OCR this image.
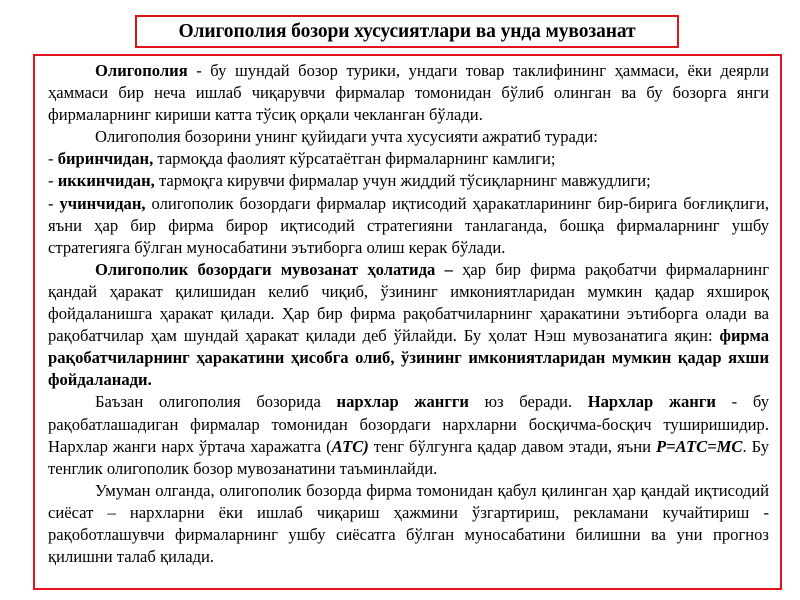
Олигополия бозори хусусиятлари ва унда мувозанат

Олигополия - бу шундай бозор турики, ундаги товар таклифининг ҳаммаси, ёки деярли ҳаммаси бир неча ишлаб чиқарувчи фирмалар томонидан бўлиб олинган ва бу бозорга янги фирмаларнинг кириши катта тўсиқ орқали чекланган бўлади.

Олигополия бозорини унинг қуйидаги учта хусусияти ажратиб туради:

- биринчидан, тармоқда фаолият кўрсатаётган фирмаларнинг камлиги;

- иккинчидан, тармоқга кирувчи фирмалар учун жиддий тўсиқларнинг мавжудлиги;

- учинчидан, олигополик бозордаги фирмалар иқтисодий ҳаракатларининг бир-бирига боғлиқлиги, яъни ҳар бир фирма бирор иқтисодий стратегияни танлаганда, бошқа фирмаларнинг ушбу стратегияга бўлган муносабатини эътиборга олиш керак бўлади.

Олигополик бозордаги мувозанат ҳолатида – ҳар бир фирма рақобатчи фирмаларнинг қандай ҳаракат қилишидан келиб чиқиб, ўзининг имкониятларидан мумкин қадар яхшироқ фойдаланишга ҳаракат қилади. Ҳар бир фирма рақобатчиларнинг ҳаракатини эътиборга олади ва рақобатчилар ҳам шундай ҳаракат қилади деб ўйлайди. Бу ҳолат Нэш мувозанатига яқин: фирма рақобатчиларнинг ҳаракатини ҳисобга олиб, ўзининг имкониятларидан мумкин қадар яхши фойдаланади.

Баъзан олигополия бозорида нархлар жангги юз беради. Нархлар жанги - бу рақобатлашадиган фирмалар томонидан бозордаги нархларни босқичма-босқич туширишидир. Нархлар жанги нарх ўртача харажатга (АТС) тенг бўлгунга қадар давом этади, яъни P=АТС=МС. Бу тенглик олигополик бозор мувозанатини таъминлайди.

Умуман олганда, олигополик бозорда фирма томонидан қабул қилинган ҳар қандай иқтисодий сиёсат – нархларни ёки ишлаб чиқариш ҳажмини ўзгартириш, рекламани кучайтириш - рақоботлашувчи фирмаларнинг ушбу сиёсатга бўлган муносабатини билишни ва уни прогноз қилишни талаб қилади.
